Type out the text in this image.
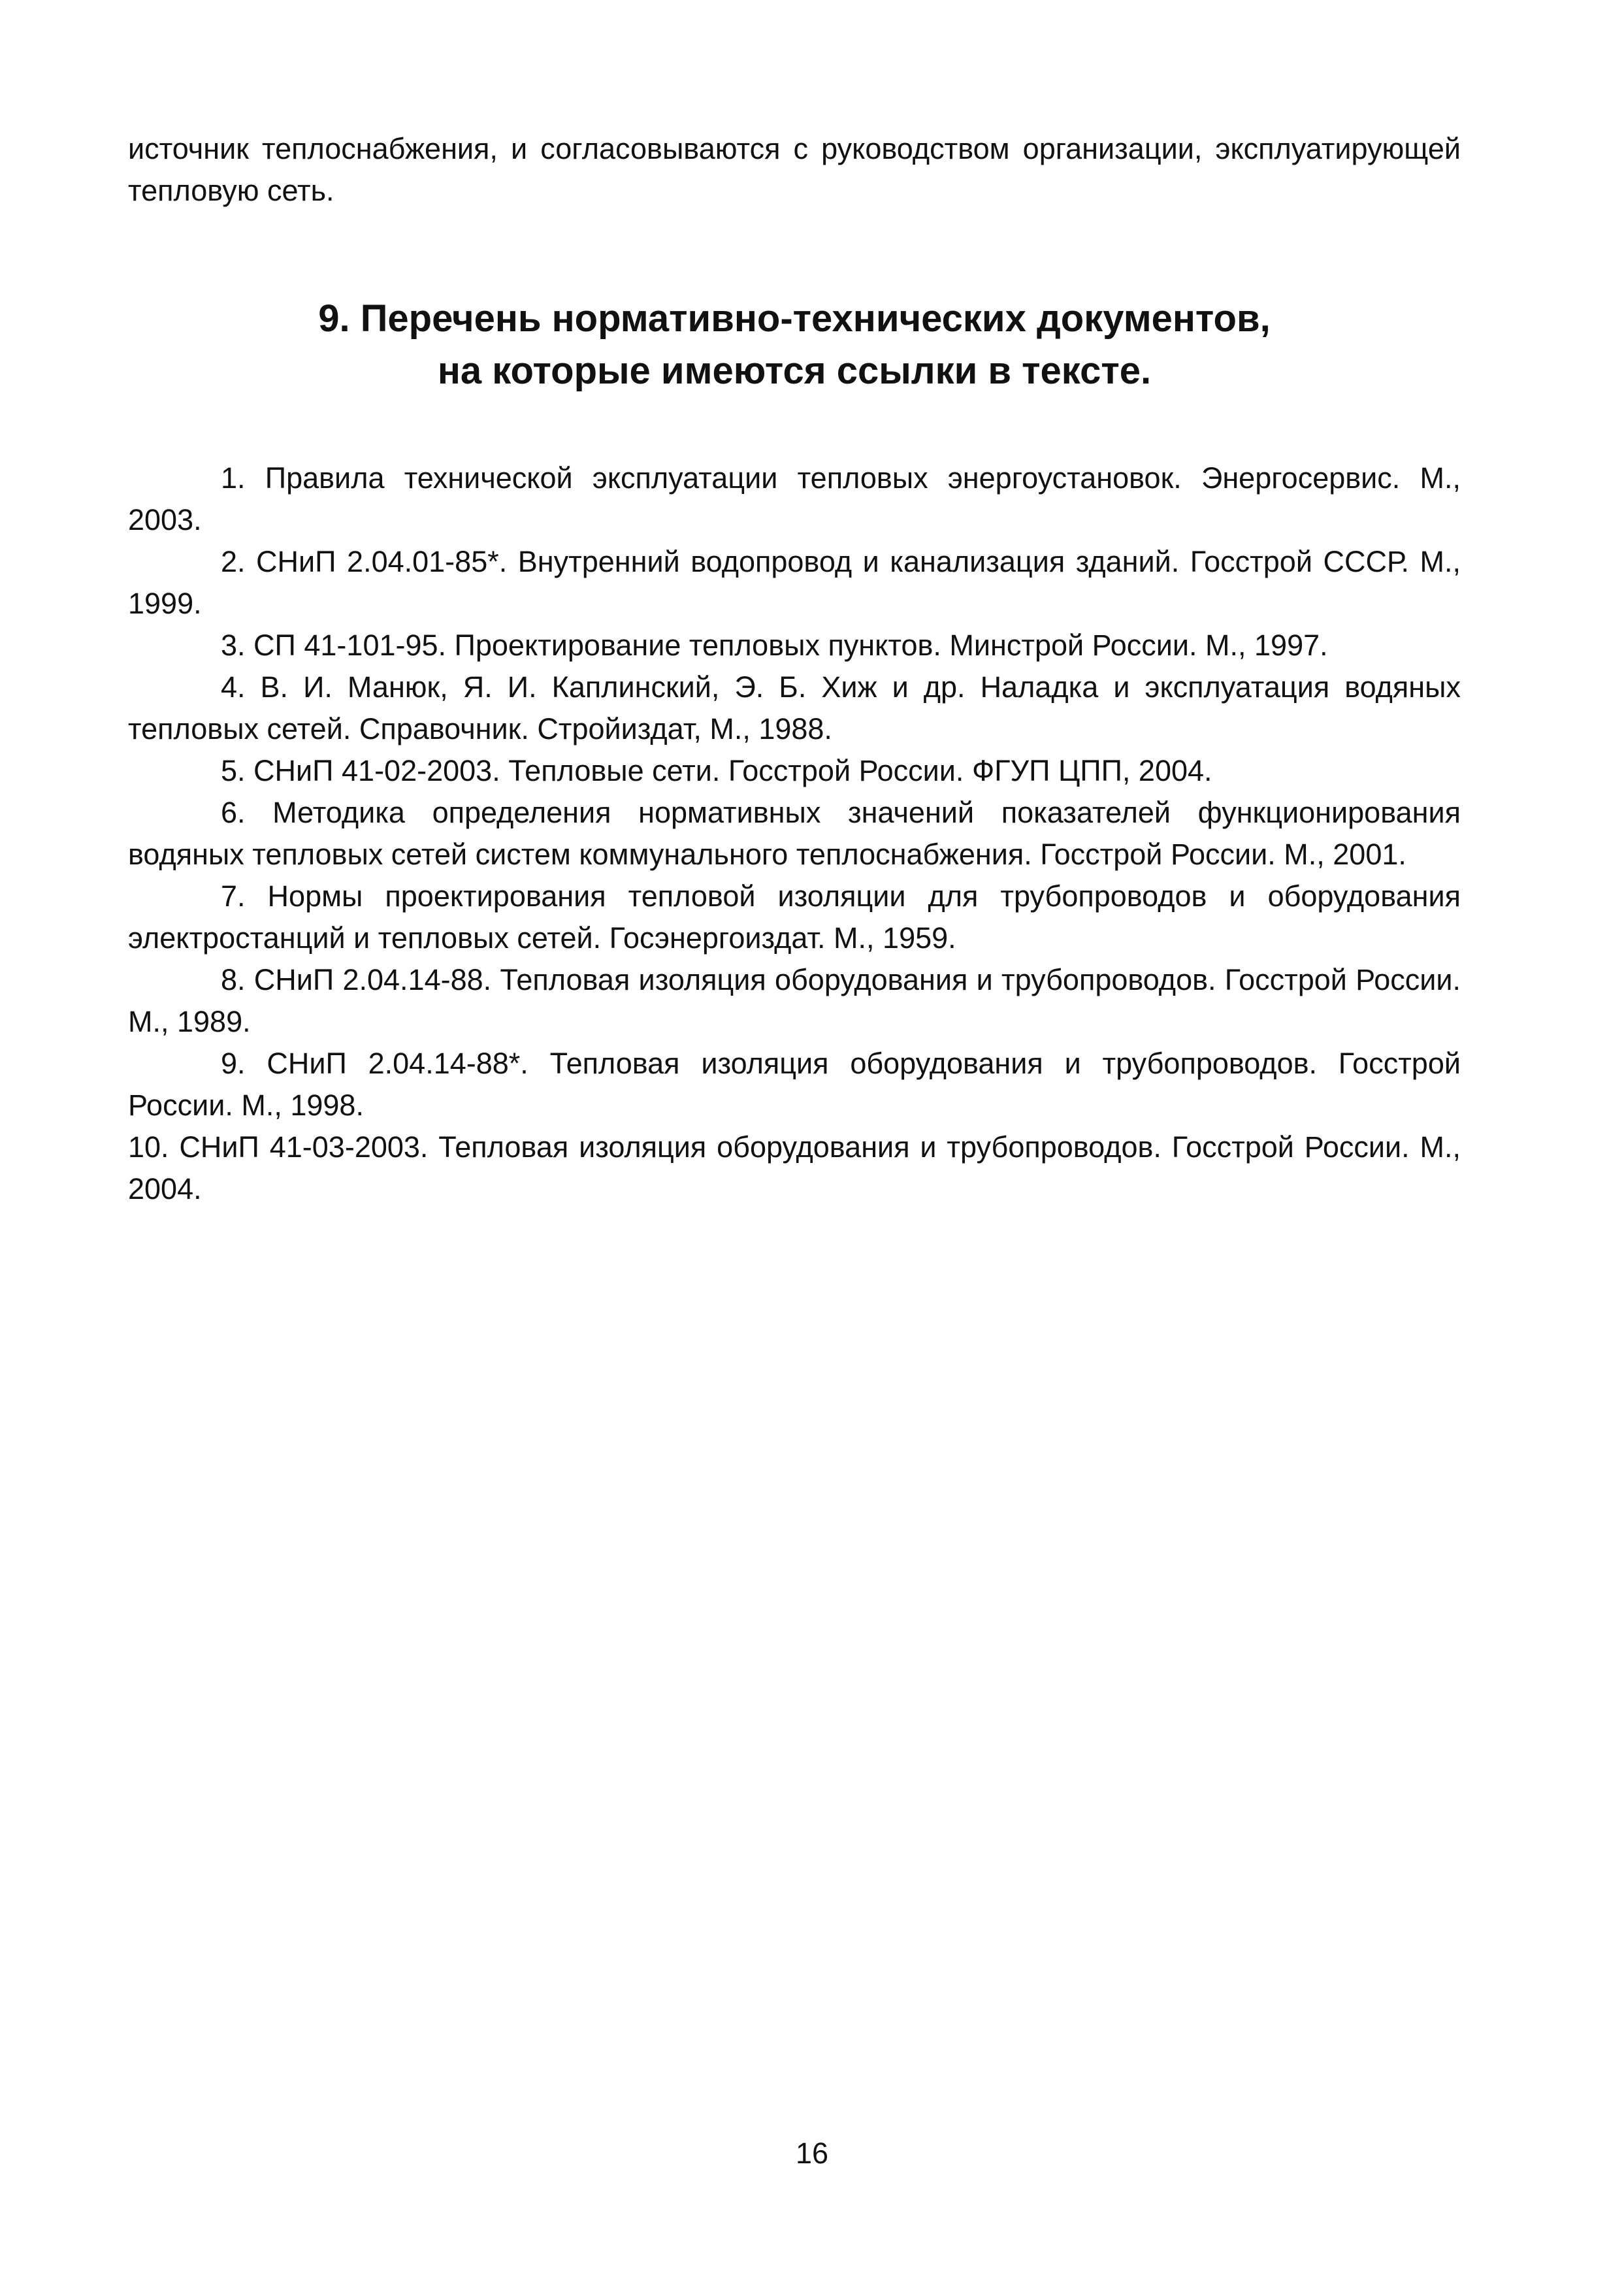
источник теплоснабжения, и согласовываются с руководством организации, эксплуатирующей тепловую сеть.

9. Перечень нормативно-технических документов,
на которые имеются ссылки в тексте.
1. Правила технической эксплуатации тепловых энергоустановок. Энергосервис. М., 2003.
2. СНиП 2.04.01-85*. Внутренний водопровод и канализация зданий. Госстрой СССР. М., 1999.
3. СП 41-101-95. Проектирование тепловых пунктов. Минстрой России. М., 1997.
4. В. И. Манюк, Я. И. Каплинский, Э. Б. Хиж и др. Наладка и эксплуатация водяных тепловых сетей. Справочник. Стройиздат, М., 1988.
5. СНиП 41-02-2003. Тепловые сети. Госстрой России. ФГУП ЦПП, 2004.
6. Методика определения нормативных значений показателей функционирования водяных тепловых сетей систем коммунального теплоснабжения. Госстрой России. М., 2001.
7. Нормы проектирования тепловой изоляции для трубопроводов и оборудования электростанций и тепловых сетей. Госэнергоиздат. М., 1959.
8. СНиП 2.04.14-88. Тепловая изоляция оборудования и трубопроводов. Госстрой России. М., 1989.
9. СНиП 2.04.14-88*. Тепловая изоляция оборудования и трубопроводов. Госстрой России. М., 1998.
10. СНиП 41-03-2003. Тепловая изоляция оборудования и трубопроводов. Госстрой России. М., 2004.
16
